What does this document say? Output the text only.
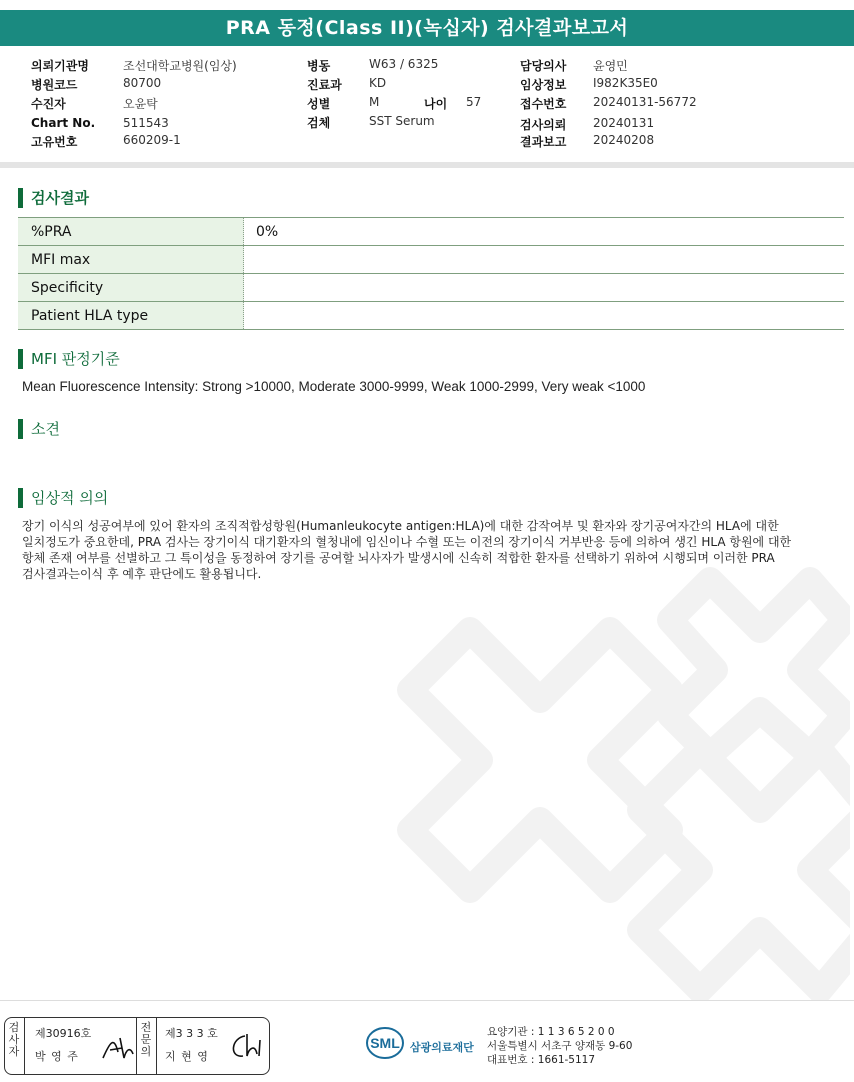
PRA 동정(Class II)(녹십자) 검사결과보고서
의뢰기관명	조선대학교병원(임상)
병원코드	80700
수진자	오윤탁
Chart No. 511543
고유번호	660209-1
병동	W63 / 6325
진료과 KD
성별	M	나이 57
검체	SST Serum
담당의사 윤영민
임상정보 I982K35E0
접수번호 20240131-56772
검사의뢰 20240131
결과보고 20240208
검사결과
%PRA	0%
MFI max	
Specificity	
Patient HLA type	
MFI 판정기준
Mean Fluorescence Intensity: Strong >10000, Moderate 3000-9999, Weak 1000-2999, Very weak <1000
소견
임상적 의의
장기 이식의 성공여부에 있어 환자의 조직적합성항원(Humanleukocyte antigen:HLA)에 대한 감작여부 및 환자와 장기공여자간의 HLA에 대한
일치정도가 중요한데, PRA 검사는 장기이식 대기환자의 혈청내에 임신이나 수혈 또는 이전의 장기이식 거부반응 등에 의하여 생긴 HLA 항원에 대한
항체 존재 여부를 선별하고 그 특이성을 동정하여 장기를 공여할 뇌사자가 발생시에 신속히 적합한 환자를 선택하기 위하여 시행되며 이러한 PRA
검사결과는이식 후 예후 판단에도 활용됩니다.
검사자
제30916호
박 영 주
전문의
제3 3 3 호
지 현 영
SML 삼광의료재단
요양기관 : 1 1 3 6 5 2 0 0
서울특별시 서초구 양재동 9-60
대표번호 : 1661-5117
